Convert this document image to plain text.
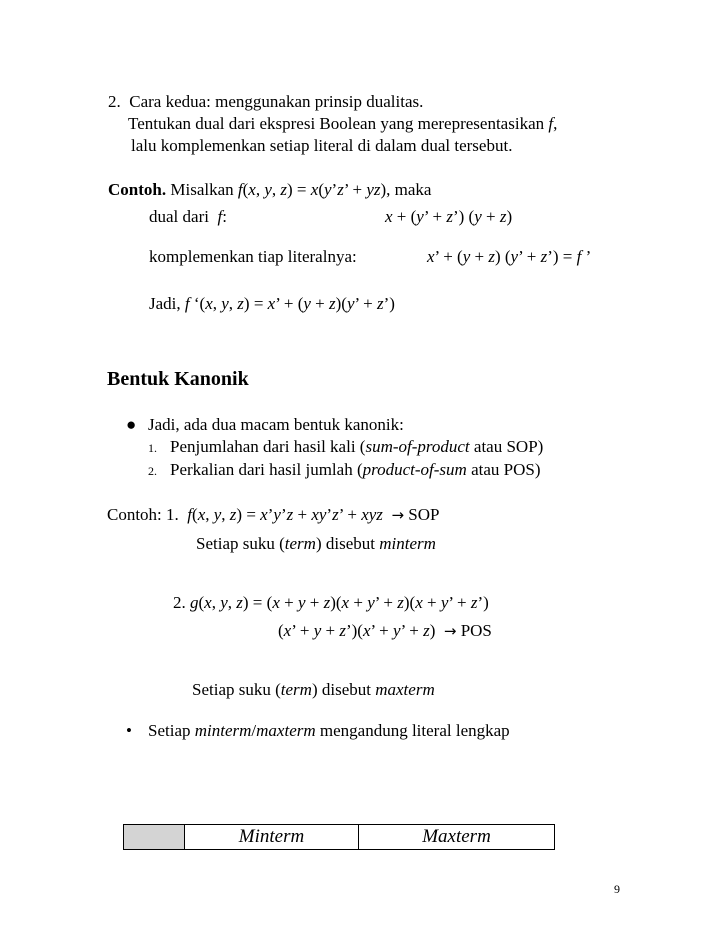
2.  Cara kedua: menggunakan prinsip dualitas.
Tentukan dual dari ekspresi Boolean yang merepresentasikan f,
lalu komplemenkan setiap literal di dalam dual tersebut.
Contoh. Misalkan f(x, y, z) = x(y’z’ + yz), maka
dual dari  f:	x + (y’ + z’) (y + z)
komplemenkan tiap literalnya:	x’ + (y + z) (y’ + z’) = f ’
Jadi, f ‘(x, y, z) = x’ + (y + z)(y’ + z’)
Bentuk Kanonik
● Jadi, ada dua macam bentuk kanonik:
1. Penjumlahan dari hasil kali (sum-of-product atau SOP)
2. Perkalian dari hasil jumlah (product-of-sum atau POS)
Contoh: 1. f(x, y, z) = x’y’z + xy’z’ + xyz → SOP
Setiap suku (term) disebut minterm
2. g(x, y, z) = (x + y + z)(x + y’ + z)(x + y’ + z’)
(x’ + y + z’)(x’ + y’ + z)  → POS
Setiap suku (term) disebut maxterm
• Setiap minterm/maxterm mengandung literal lengkap
	Minterm	Maxterm
9
